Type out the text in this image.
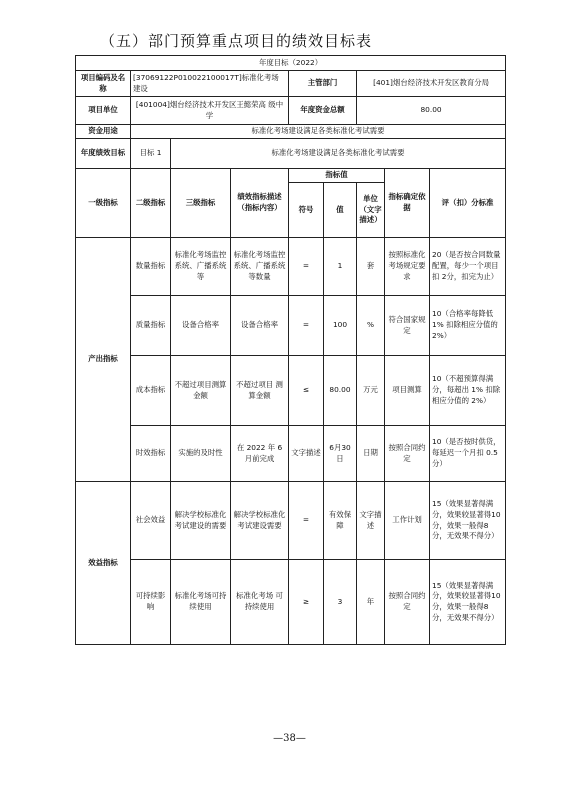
（五）部门预算重点项目的绩效目标表
年度目标（2022）								
项目编码及名称	[37069122P010022100017T]标准化考场 建设			主管部门		[401]烟台经济技术开发区教育分局		
项目单位	[401004]烟台经济技术开发区王懿荣高 级中学			年度资金总额		80.00		
资金用途	标准化考场建设满足各类标准化考试需要							
年度绩效目标	目标 1	标准化考场建设满足各类标准化考试需要						
一级指标	二级指标	三级指标	绩效指标描述（指标内容）	指标值			指标确定依据	评（扣）分标准
				符号	值	单位（文字描述）		
产出指标	数量指标	标准化考场监控系统、广播系统等	标准化考场监控系统、广播系统等数量	=	1	套	按照标准化考场规定要求	20（是否按合同数量配置，每少一个项目扣 2分，扣完为止）
	质量指标	设备合格率	设备合格率	=	100	%	符合国家规定	10（合格率每降低 1% 扣除相应分值的 2%）
	成本指标	不超过项目测算金额	不超过项目 测算金额	≤	80.00	万元	项目测算	10（不超预算得满分，每超出 1% 扣除相应分值的 2%）
	时效指标	实施的及时性	在 2022 年 6 月前完成	文字描述	6月30日	日期	按照合同约定	10（是否按时供货，每延迟一个月扣 0.5 分）
效益指标	社会效益	解决学校标准化考试建设的需要	解决学校标准化考试建设需要	=	有效保障	文字描述	工作计划	15（效果显著得满分，效果较显著得10分，效果一般得8分，无效果不得分）
	可持续影响	标准化考场可持续使用	标准化考场 可持续使用	≥	3	年	按照合同约定	15（效果显著得满分，效果较显著得10分，效果一般得8分，无效果不得分）
—38—
